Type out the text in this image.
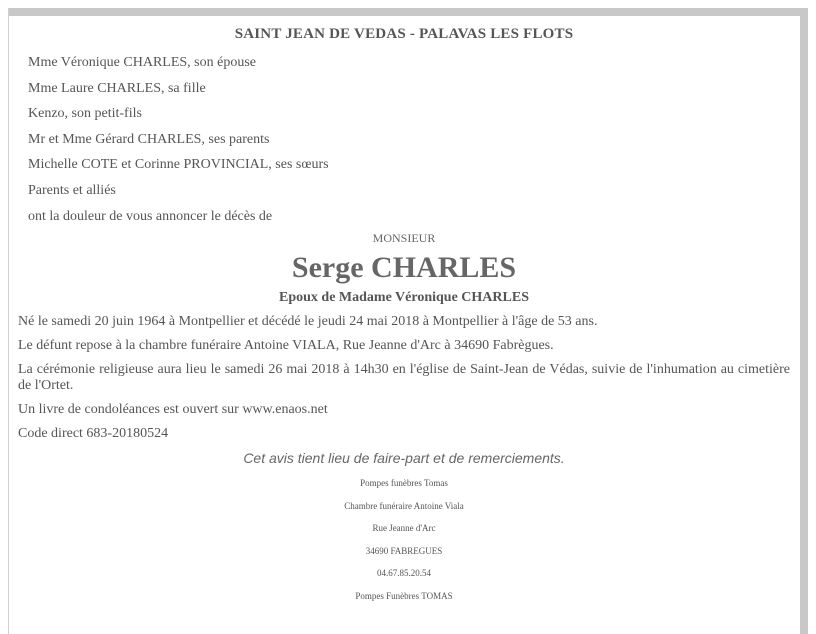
SAINT JEAN DE VEDAS - PALAVAS LES FLOTS
Mme Véronique CHARLES, son épouse
Mme Laure CHARLES, sa fille
Kenzo, son petit-fils
Mr et Mme Gérard CHARLES, ses parents
Michelle COTE et Corinne PROVINCIAL, ses sœurs
Parents et alliés
ont la douleur de vous annoncer le décès de
MONSIEUR
Serge CHARLES
Epoux de Madame Véronique CHARLES
Né le samedi 20 juin 1964 à Montpellier et décédé le jeudi 24 mai 2018 à Montpellier à l'âge de 53 ans.
Le défunt repose à la chambre funéraire Antoine VIALA, Rue Jeanne d'Arc à 34690 Fabrègues.
La cérémonie religieuse aura lieu le samedi 26 mai 2018 à 14h30 en l'église de Saint-Jean de Védas, suivie de l'inhumation au cimetière de l'Ortet.
Un livre de condoléances est ouvert sur www.enaos.net
Code direct 683-20180524
Cet avis tient lieu de faire-part et de remerciements.
Pompes funèbres Tomas
Chambre funéraire Antoine Viala
Rue Jeanne d'Arc
34690 FABREGUES
04.67.85.20.54
Pompes Funèbres TOMAS
